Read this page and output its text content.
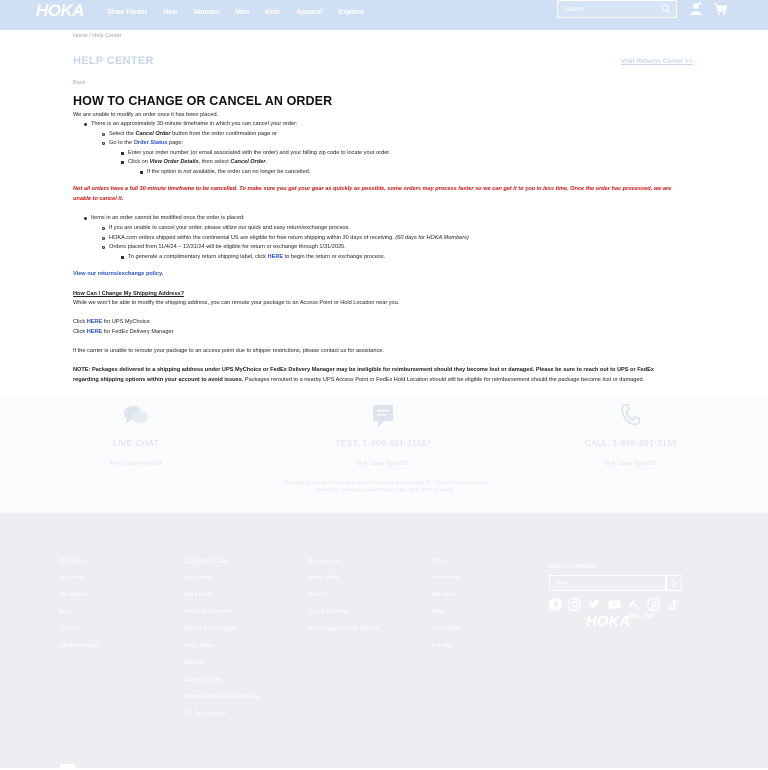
HOKA	Shoe Finder New Women Men Kids Apparel Explore	Search
Home / Help Center
HELP CENTER	Visit Returns Center >>
Back
HOW TO CHANGE OR CANCEL AN ORDER
We are unable to modify an order once it has been placed.
There is an approximately 30-minute timeframe in which you can cancel your order:
Select the Cancel Order button from the order confirmation page or
Go to the Order Status page:
Enter your order number (or email associated with the order) and your billing zip code to locate your order.
Click on View Order Details, then select Cancel Order.
If the option is not available, the order can no longer be cancelled.
Not all orders have a full 30-minute timeframe to be cancelled. To make sure you get your gear as quickly as possible, some orders may process faster so we can get it to you in less time. Once the order has processed, we are
unable to cancel it.
Items in an order cannot be modified once the order is placed:
If you are unable to cancel your order, please utilize our quick and easy return/exchange process.
HOKA.com orders shipped within the continental US are eligible for free return shipping within 30 days of receiving. (60 days for HOKA Members)
Orders placed from 11/4/24 – 12/31/24 will be eligible for return or exchange through 1/31/2025.
To generate a complimentary return shipping label, click HERE to begin the return or exchange process.
View our returns/exchange policy.
How Can I Change My Shipping Address?
While we won't be able to modify the shipping address, you can reroute your package to an Access Point or Hold Location near you.
Click HERE for UPS MyChoice
Click HERE for FedEx Delivery Manager
If the carrier is unable to reroute your package to an access point due to shipper restrictions, please contact us for assistance.
NOTE: Packages delivered to a shipping address under UPS MyChoice or FedEx Delivery Manager may be ineligible for reimbursement should they become lost or damaged. Please be sure to reach out to UPS or FedEx
regarding shipping options within your account to avoid issues. Packages rerouted to a nearby UPS Access Point or FedEx Hold Location should still be eligible for reimbursement should the package become lost or damaged.
LIVE CHAT
M-Fr 10am-7pm EST
TEXT: 1-866-491-3155*
M-Fr 10am-7pm EST
CALL: 1-866-491-3155
M-Fr 10am-7pm EST
*By texting us, you are consenting to receive responsive text messages at ... Consent is not a condition of purchase. Message & data rates may apply. Reply STOP to opt out.
Company
Our Story
Our Mission
Blog
Careers
Affiliate Program
Customer Care
Help Center
Membership
Fly for 30 Guarantee
Returns & Exchanges
Order Status
Warranty
Customer Sizes
Counterfeit Websites & Phishing
Gift Card Balance
Resources
Sizing Guide
Shoe Fit
Care & Cleaning
Free Shipping & Free Returns
Shop
Store Finder
Gift Cards
Sale
Find a Store
Pro Deal
Stay Connected
Email
HOKA
ONE ONE
